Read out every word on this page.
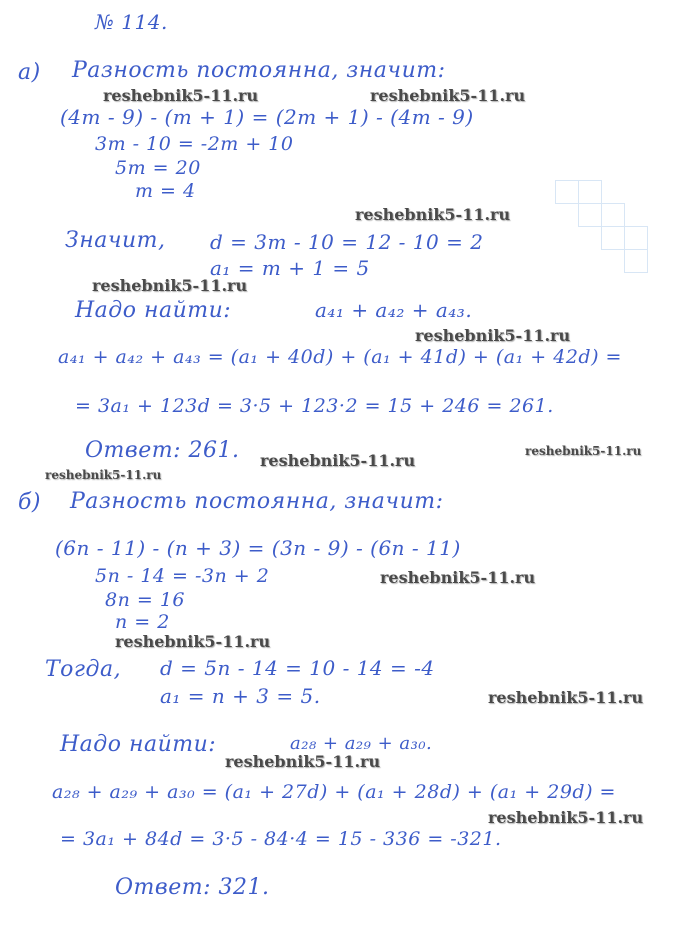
№ 114.
а) Разность постоянна, значит:
(4m - 9) - (m + 1) = (2m + 1) - (4m - 9)
3m - 10 = -2m + 10
5m = 20
m = 4
Значит, d = 3m - 10 = 12 - 10 = 2
a₁ = m + 1 = 5
Надо найти:	a₄₁ + a₄₂ + a₄₃.
a₄₁ + a₄₂ + a₄₃ = (a₁ + 40d) + (a₁ + 41d) + (a₁ + 42d) =
= 3a₁ + 123d = 3·5 + 123·2 = 15 + 246 = 261.
Ответ: 261.
б) Разность постоянна, значит:
(6n - 11) - (n + 3) = (3n - 9) - (6n - 11)
5n - 14 = -3n + 2
8n = 16
n = 2
Тогда, d = 5n - 14 = 10 - 14 = -4
a₁ = n + 3 = 5.
Надо найти:	a₂₈ + a₂₉ + a₃₀.
a₂₈ + a₂₉ + a₃₀ = (a₁ + 27d) + (a₁ + 28d) + (a₁ + 29d) =
= 3a₁ + 84d = 3·5 - 84·4 = 15 - 336 = -321.
Ответ: 321.
reshebnik5-11.ru	reshebnik5-11.ru
reshebnik5-11.ru
reshebnik5-11.ru
reshebnik5-11.ru
reshebnik5-11.ru	reshebnik5-11.ru
reshebnik5-11.ru
reshebnik5-11.ru
reshebnik5-11.ru
reshebnik5-11.ru
reshebnik5-11.ru
reshebnik5-11.ru
